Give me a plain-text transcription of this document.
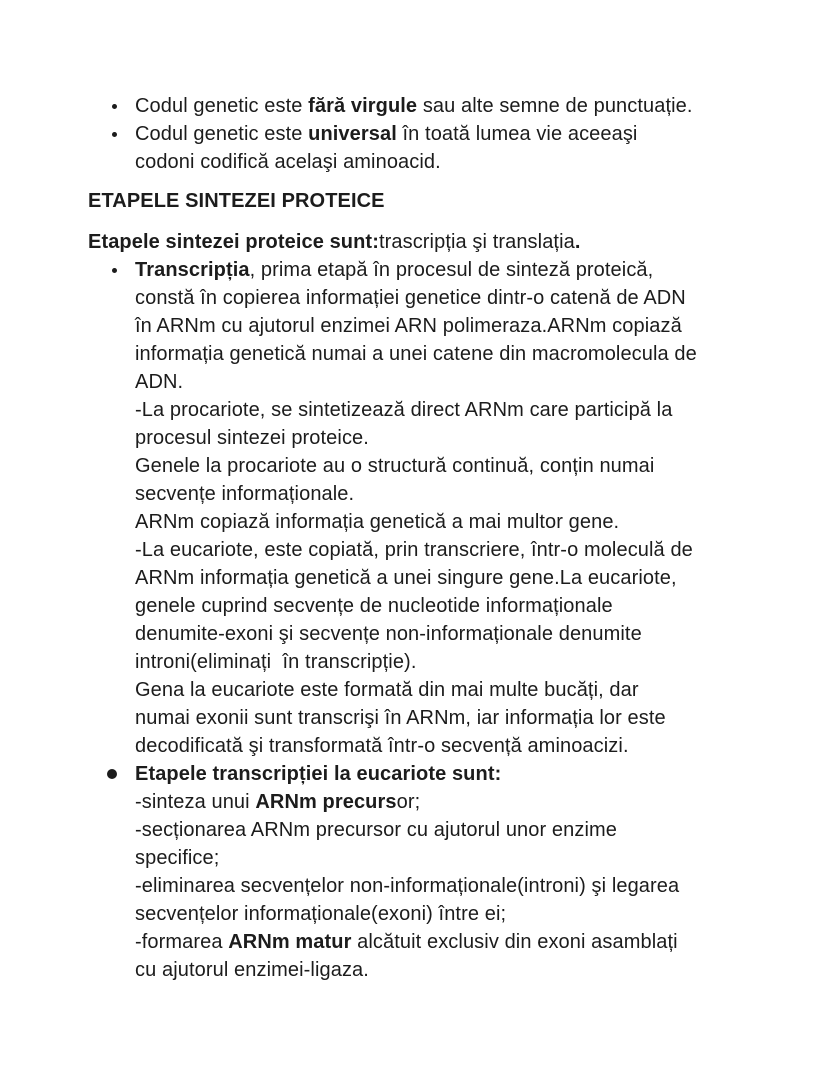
Codul genetic este fără virgule sau alte semne de punctuație.
Codul genetic este universal în toată lumea vie aceeaşi
codoni codifică acelaşi aminoacid.
ETAPELE SINTEZEI PROTEICE
Etapele sintezei proteice sunt:trascripția şi translația.
Transcripția, prima etapă în procesul de sinteză proteică,
constă în copierea informației genetice dintr-o catenă de ADN
în ARNm cu ajutorul enzimei ARN polimeraza.ARNm copiază
informația genetică numai a unei catene din macromolecula de
ADN.
-La procariote, se sintetizează direct ARNm care participă la
procesul sintezei proteice.
Genele la procariote au o structură continuă, conțin numai
secvențe informaționale.
ARNm copiază informația genetică a mai multor gene.
-La eucariote, este copiată, prin transcriere, într-o moleculă de
ARNm informația genetică a unei singure gene.La eucariote,
genele cuprind secvențe de nucleotide informaționale
denumite-exoni şi secvențe non-informaționale denumite
introni(eliminați  în transcripție).
Gena la eucariote este formată din mai multe bucăți, dar
numai exonii sunt transcrişi în ARNm, iar informația lor este
decodificată şi transformată într-o secvență aminoacizi.
Etapele transcripției la eucariote sunt:
-sinteza unui ARNm precursor;
-secționarea ARNm precursor cu ajutorul unor enzime
specifice;
-eliminarea secvențelor non-informaționale(introni) şi legarea
secvențelor informaționale(exoni) între ei;
-formarea ARNm matur alcătuit exclusiv din exoni asamblați
cu ajutorul enzimei-ligaza.
